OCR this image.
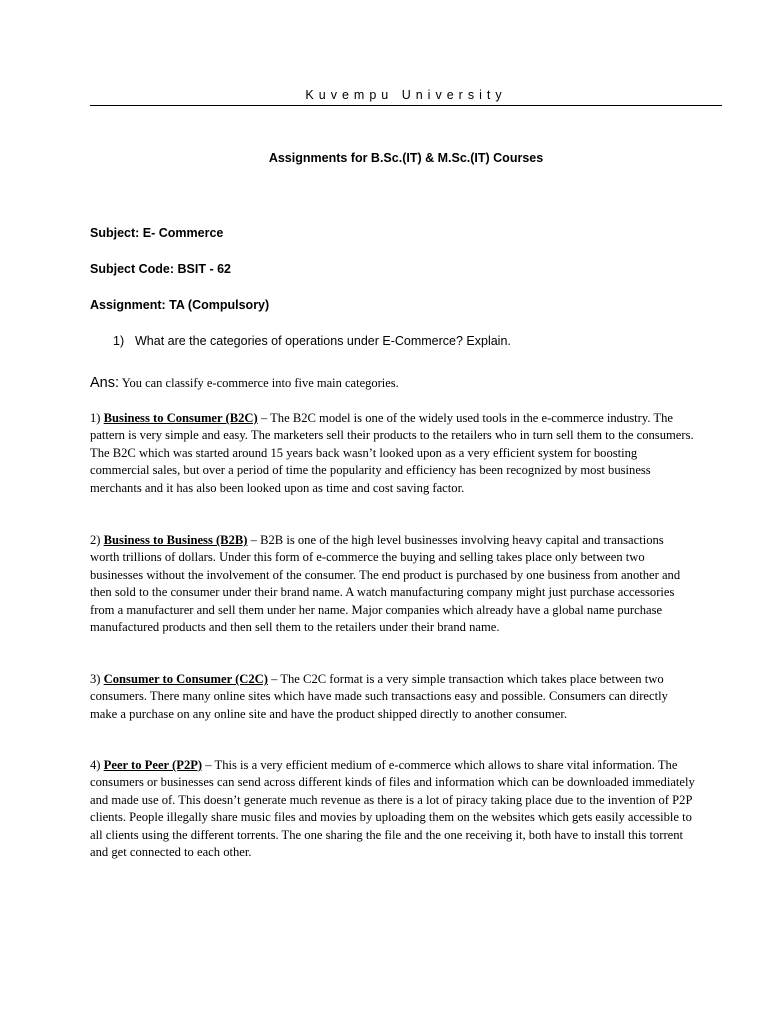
Kuvempu University
Assignments for B.Sc.(IT) & M.Sc.(IT) Courses
Subject: E- Commerce
Subject Code: BSIT - 62
Assignment: TA (Compulsory)
1) What are the categories of operations under E-Commerce? Explain.
Ans: You can classify e-commerce into five main categories.

1) Business to Consumer (B2C) – The B2C model is one of the widely used tools in the e-commerce industry. The pattern is very simple and easy. The marketers sell their products to the retailers who in turn sell them to the consumers. The B2C which was started around 15 years back wasn’t looked upon as a very efficient system for boosting commercial sales, but over a period of time the popularity and efficiency has been recognized by most business merchants and it has also been looked upon as time and cost saving factor.

2) Business to Business (B2B) – B2B is one of the high level businesses involving heavy capital and transactions worth trillions of dollars. Under this form of e-commerce the buying and selling takes place only between two businesses without the involvement of the consumer. The end product is purchased by one business from another and then sold to the consumer under their brand name. A watch manufacturing company might just purchase accessories from a manufacturer and sell them under her name. Major companies which already have a global name purchase manufactured products and then sell them to the retailers under their brand name.

3) Consumer to Consumer (C2C) – The C2C format is a very simple transaction which takes place between two consumers. There many online sites which have made such transactions easy and possible. Consumers can directly make a purchase on any online site and have the product shipped directly to another consumer.

4) Peer to Peer (P2P) – This is a very efficient medium of e-commerce which allows to share vital information. The consumers or businesses can send across different kinds of files and information which can be downloaded immediately and made use of. This doesn’t generate much revenue as there is a lot of piracy taking place due to the invention of P2P clients. People illegally share music files and movies by uploading them on the websites which gets easily accessible to all clients using the different torrents. The one sharing the file and the one receiving it, both have to install this torrent and get connected to each other.
